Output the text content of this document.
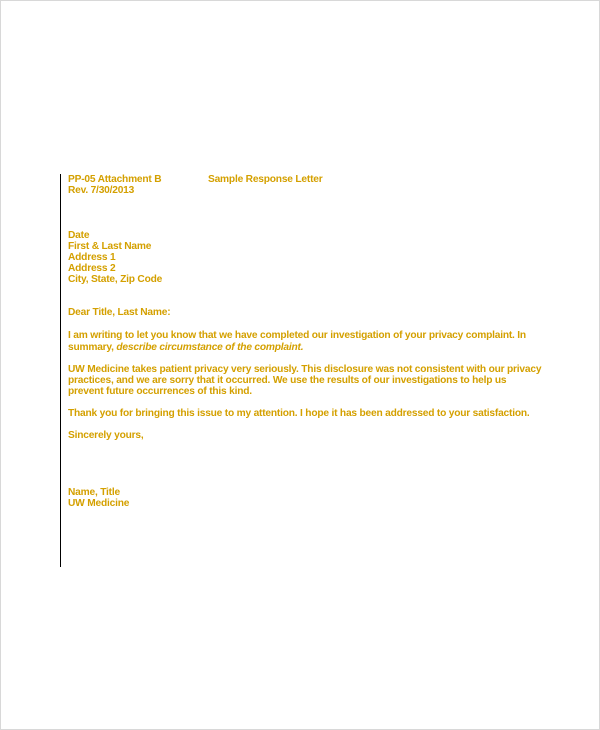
PP-05 Attachment B	Sample Response Letter
Rev. 7/30/2013
Date
First & Last Name
Address 1
Address 2
City, State, Zip Code
Dear Title, Last Name:
I am writing to let you know that we have completed our investigation of your privacy complaint. In
summary, describe circumstance of the complaint.
UW Medicine takes patient privacy very seriously. This disclosure was not consistent with our privacy
practices, and we are sorry that it occurred. We use the results of our investigations to help us
prevent future occurrences of this kind.
Thank you for bringing this issue to my attention. I hope it has been addressed to your satisfaction.
Sincerely yours,
Name, Title
UW Medicine
